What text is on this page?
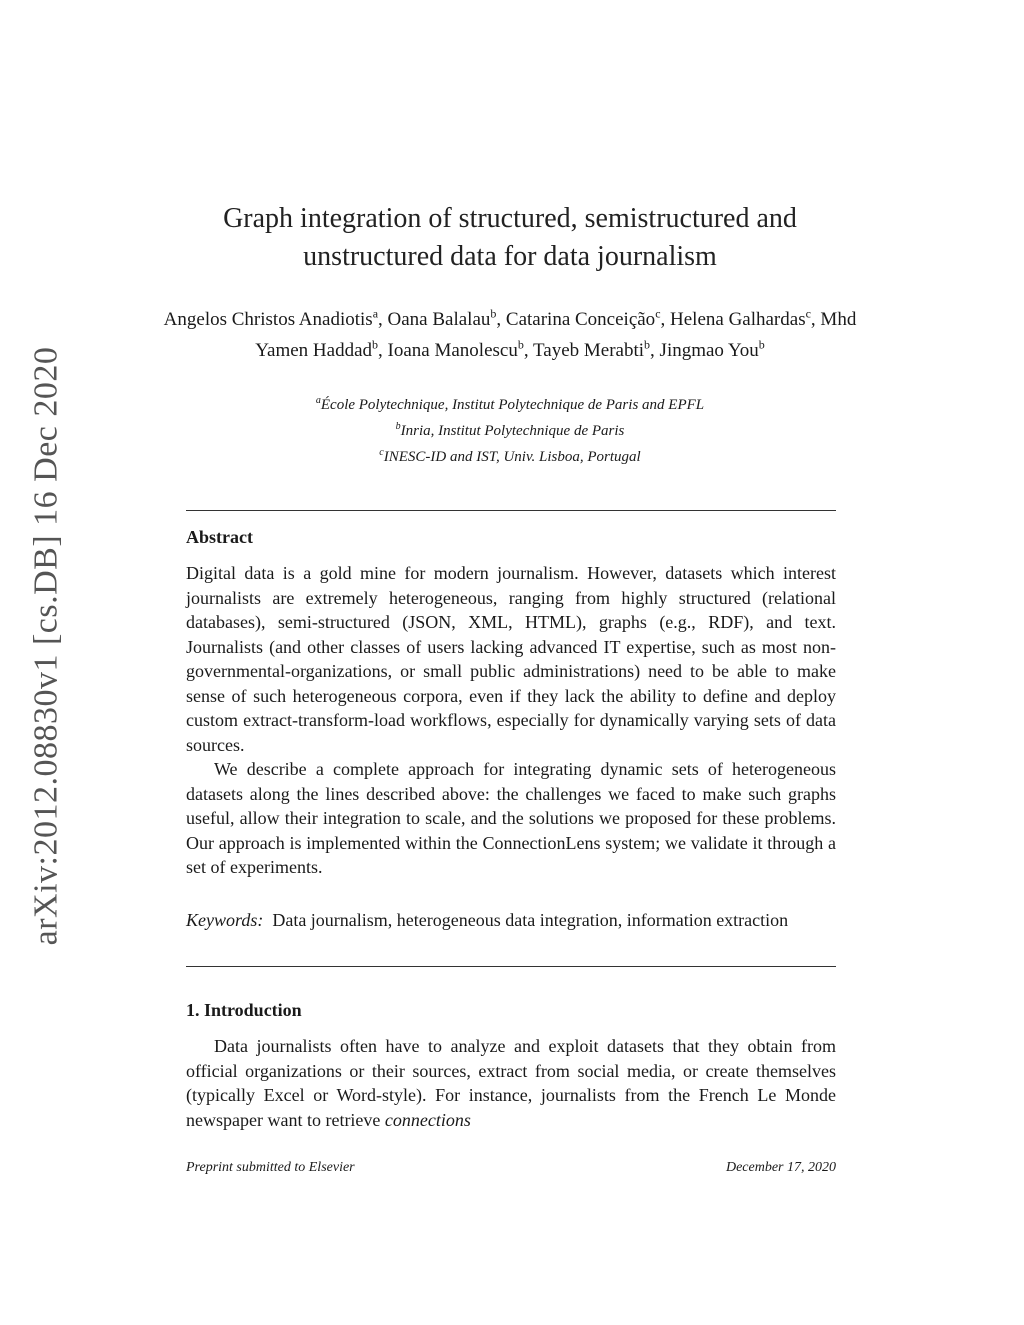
arXiv:2012.08830v1 [cs.DB] 16 Dec 2020
Graph integration of structured, semistructured and
unstructured data for data journalism
Angelos Christos Anadiotis$^a$, Oana Balalau$^b$, Catarina Conceição$^c$, Helena Galhardas$^c$, Mhd Yamen Haddad$^b$, Ioana Manolescu$^b$, Tayeb Merabti$^b$, Jingmao You$^b$
$^a$École Polytechnique, Institut Polytechnique de Paris and EPFL
$^b$Inria, Institut Polytechnique de Paris
$^c$INESC-ID and IST, Univ. Lisboa, Portugal
Abstract

Digital data is a gold mine for modern journalism. However, datasets which interest journalists are extremely heterogeneous, ranging from highly structured (relational databases), semi-structured (JSON, XML, HTML), graphs (e.g., RDF), and text. Journalists (and other classes of users lacking advanced IT expertise, such as most non-governmental-organizations, or small public administrations) need to be able to make sense of such heterogeneous corpora, even if they lack the ability to define and deploy custom extract-transform-load workflows, especially for dynamically varying sets of data sources.

We describe a complete approach for integrating dynamic sets of heterogeneous datasets along the lines described above: the challenges we faced to make such graphs useful, allow their integration to scale, and the solutions we proposed for these problems. Our approach is implemented within the ConnectionLens system; we validate it through a set of experiments.

Keywords: Data journalism, heterogeneous data integration, information extraction
1. Introduction

Data journalists often have to analyze and exploit datasets that they obtain from official organizations or their sources, extract from social media, or create themselves (typically Excel or Word-style). For instance, journalists from the French Le Monde newspaper want to retrieve connections

Preprint submitted to Elsevier	December 17, 2020
